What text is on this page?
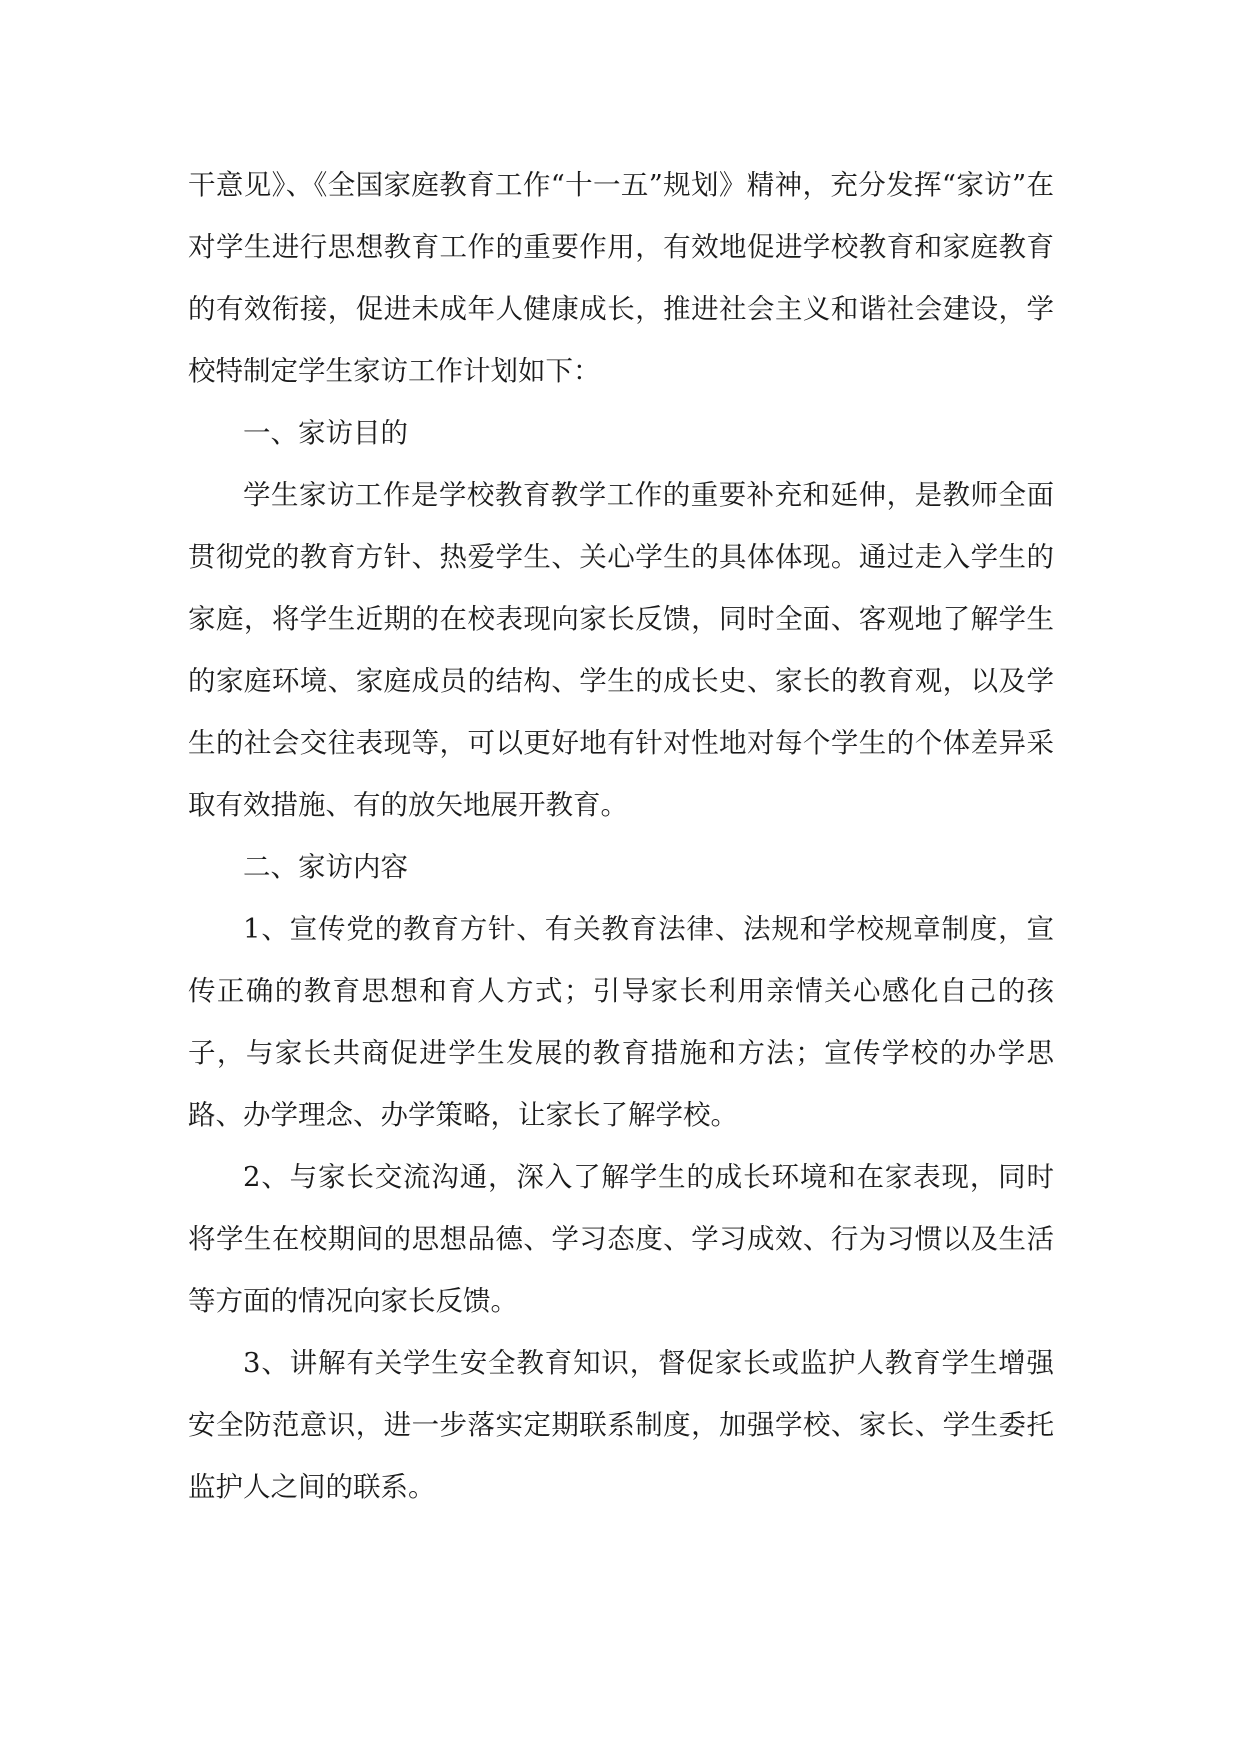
干意见》、《全国家庭教育工作“十一五”规划》精神，充分发挥“家访”在对学生进行思想教育工作的重要作用，有效地促进学校教育和家庭教育的有效衔接，促进未成年人健康成长，推进社会主义和谐社会建设，学校特制定学生家访工作计划如下：

一、家访目的

学生家访工作是学校教育教学工作的重要补充和延伸，是教师全面贯彻党的教育方针、热爱学生、关心学生的具体体现。通过走入学生的家庭，将学生近期的在校表现向家长反馈，同时全面、客观地了解学生的家庭环境、家庭成员的结构、学生的成长史、家长的教育观，以及学生的社会交往表现等，可以更好地有针对性地对每个学生的个体差异采取有效措施、有的放矢地展开教育。

二、家访内容

1、宣传党的教育方针、有关教育法律、法规和学校规章制度，宣传正确的教育思想和育人方式；引导家长利用亲情关心感化自己的孩子，与家长共商促进学生发展的教育措施和方法；宣传学校的办学思路、办学理念、办学策略，让家长了解学校。

2、与家长交流沟通，深入了解学生的成长环境和在家表现，同时将学生在校期间的思想品德、学习态度、学习成效、行为习惯以及生活等方面的情况向家长反馈。

3、讲解有关学生安全教育知识，督促家长或监护人教育学生增强安全防范意识，进一步落实定期联系制度，加强学校、家长、学生委托监护人之间的联系。
